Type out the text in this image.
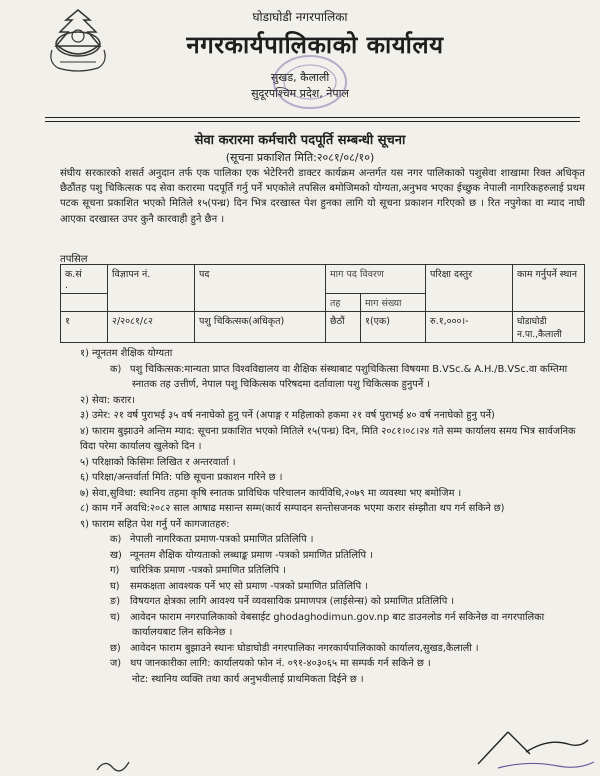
घोडाघोडी नगरपालिका
नगरकार्यपालिकाको कार्यालय
सुखड, कैलाली
सुदूरपश्चिम प्रदेश, नेपाल
सेवा करारमा कर्मचारी पदपूर्ति सम्बन्धी सूचना
(सूचना प्रकाशित मिति:२०८१/०८/१०)
संघीय सरकारको शसर्त अनुदान तर्फ एक पालिका एक भेटेरिनरी डाक्टर कार्यक्रम अन्तर्गत यस नगर पालिकाको पशुसेवा शाखामा रिक्त अधिकृत छैठौंतह पशु चिकित्सक पद सेवा करारमा पदपूर्ति गर्नु पर्ने भएकोले तपसिल बमोजिमको योग्यता,अनुभव भएका ईच्छुक नेपाली नागरिकहरुलाई प्रथम पटक सूचना प्रकाशित भएको मितिले १५(पन्ध्र) दिन भित्र दरखास्त पेश हुनका लागि यो सूचना प्रकाशन गरिएको छ । रित नपुगेका वा म्याद नाघी आएका दरखास्त उपर कुनै कारवाही हुने छैन ।
तपसिल
क.सं
.	विज्ञापन नं.	पद	माग पद विवरण		परिक्षा दस्तुर	काम गर्नुपर्ने स्थान
			तह	माग संख्या		
१	२/२०८१/८२	पशु चिकित्सक(अधिकृत)	छैठौं	१(एक)	रु.१,०००।-	घोडाघोडी न.पा.,कैलाली
१) न्यूनतम शैक्षिक योग्यता
क) पशु चिकित्सक:मान्यता प्राप्त विश्वविद्यालय वा शैक्षिक संस्थाबाट पशुचिकित्सा विषयमा B.VSc.& A.H./B.VSc.वा कम्तिमा स्नातक तह उत्तीर्ण, नेपाल पशु चिकित्सक परिषदमा दर्तावाला पशु चिकित्सक हुनुपर्ने ।
२) सेवा: करार।
३) उमेर: २१ वर्ष पुराभई ३५ वर्ष ननाघेको हुनु पर्ने (अपाङ्ग र महिलाको हकमा २१ वर्ष पुराभई ४० वर्ष ननाघेको हुनु पर्ने)
४) फाराम बुझाउने अन्तिम म्याद: सूचना प्रकाशित भएको मितिले १५(पन्ध्र) दिन, मिति २०८१।०८।२४ गते सम्म कार्यालय समय भित्र सार्वजनिक विदा परेमा कार्यालय खुलेको दिन ।
५) परिक्षाको किसिमः लिखित र अन्तरवार्ता ।
६) परिक्षा/अन्तर्वार्ता मिति: पछि सूचना प्रकाशन गरिने छ ।
७) सेवा,सुविधा: स्थानिय तहमा कृषि स्नातक प्राविधिक परिचालन कार्यविधि,२०७९ मा व्यवस्था भए बमोजिम ।
८) काम गर्ने अवधि:२०८२ साल आषाढ मसान्त सम्म(कार्य सम्पादन सन्तोसजनक भएमा करार संम्झौता थप गर्न सकिने छ)
९) फाराम सहित पेश गर्नु पर्ने कागजातहरु:
क) नेपाली नागरिकता प्रमाण-पत्रको प्रमाणित प्रतिलिपि ।
ख) न्यूनतम शैक्षिक योग्यताको लब्धाङ्क प्रमाण -पत्रको प्रमाणित प्रतिलिपि ।
ग) चारित्रिक प्रमाण -पत्रको प्रमाणित प्रतिलिपि ।
घ) समकक्षता आवश्यक पर्ने भए सो प्रमाण -पत्रको प्रमाणित प्रतिलिपि ।
ङ) विषयगत क्षेत्रका लागि आवश्य पर्ने व्यवसायिक प्रमाणपत्र (लाईसेन्स) को प्रमाणित प्रतिलिपि ।
च) आवेदन फाराम नगरपालिकाको वेबसाईट ghodaghodimun.gov.np बाट डाउनलोड गर्न सकिनेछ वा नगरपालिका कार्यालयबाट लिन सकिनेछ ।
छ) आवेदन फाराम बुझाउने स्थानः घोडाघोडी नगरपालिका नगरकार्यपालिकाको कार्यालय,सुखड,कैलाली ।
ज) थप जानकारीका लागि: कार्यालयको फोन नं. ०९१-४०३०६५ मा सम्पर्क गर्न सकिने छ ।
नोट: स्थानिय व्यक्ति तथा कार्य अनुभवीलाई प्राथमिकता दिईने छ ।
